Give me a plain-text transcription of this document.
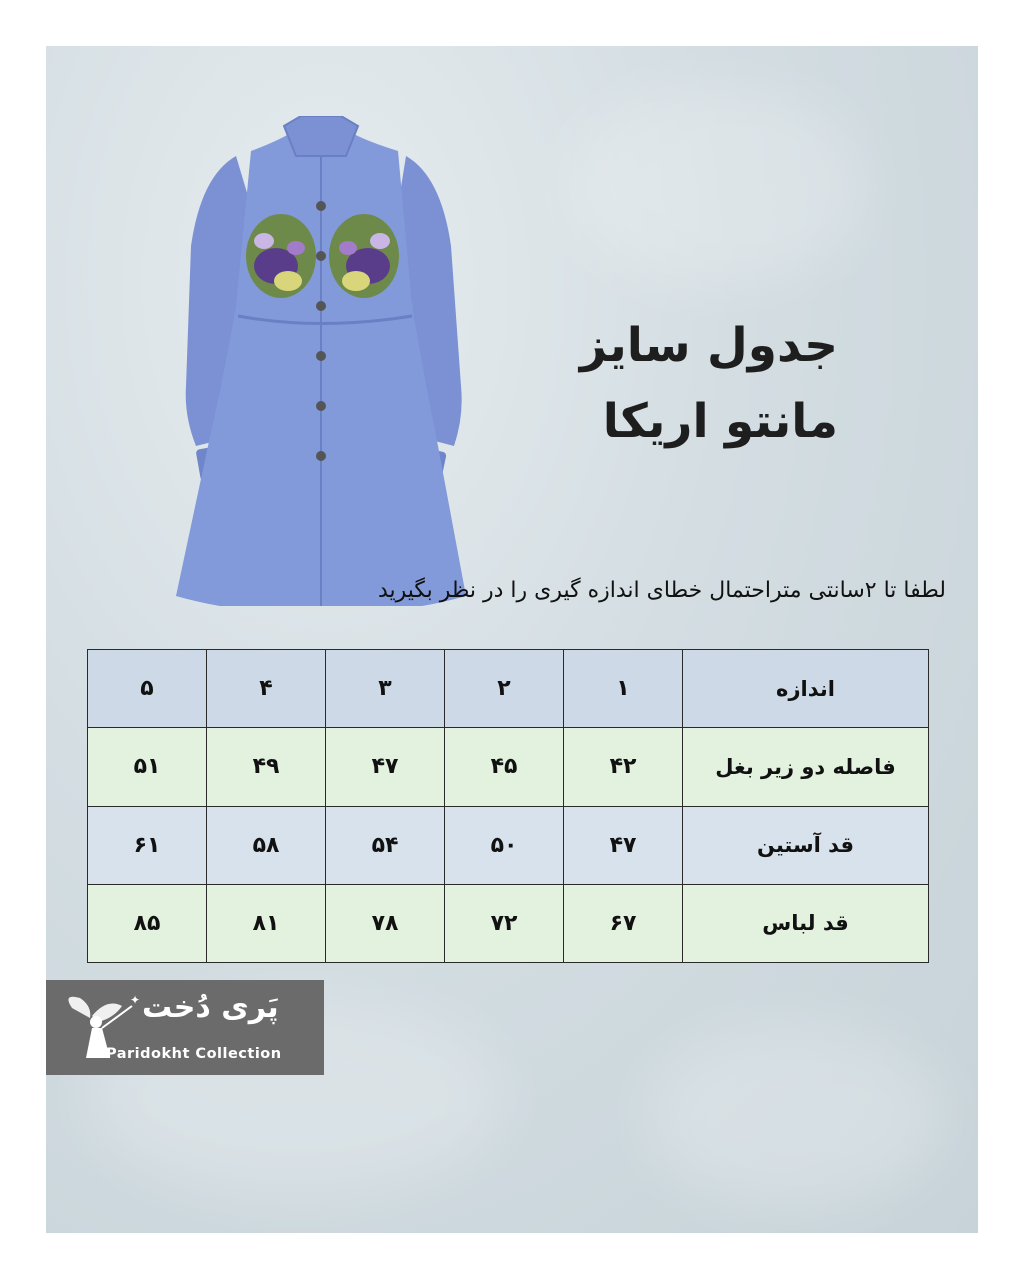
جدول سایز
مانتو اریکا
لطفا تا ۲سانتی متراحتمال خطای اندازه گیری را در نظر بگیرید
اندازه	۱	۲	۳	۴	۵
فاصله دو زیر بغل	۴۲	۴۵	۴۷	۴۹	۵۱
قد آستین	۴۷	۵۰	۵۴	۵۸	۶۱
قد لباس	۶۷	۷۲	۷۸	۸۱	۸۵
✦ پَری دُخت
Paridokht Collection
